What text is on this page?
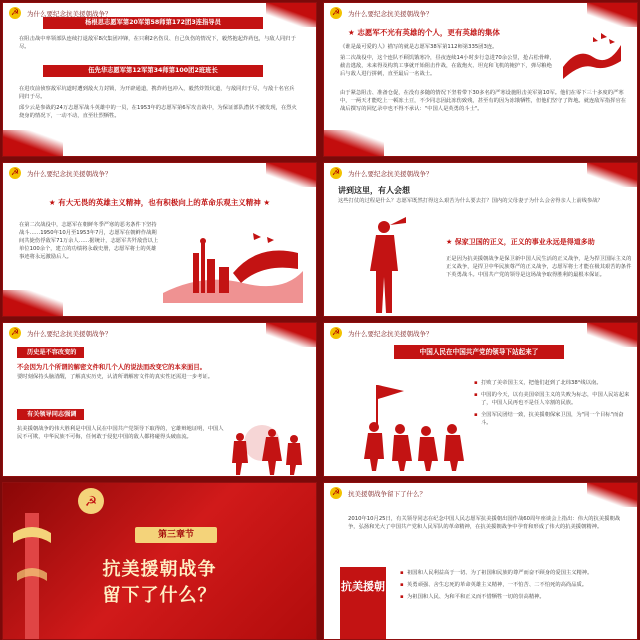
☭	为什么要纪念抗美援朝战争？
杨根思志愿军第20军第58师第172团3连指导员
在阻击战中率领部队连续打退敌军8次集团冲锋，在只剩2名伤员、自己负伤的情况下，毅然抱起炸药包，与敌人同归于尽。
伍先华志愿军第12军第34师第100团2班班长
在进攻前侦察敌军坑道时遭到敌火力封锁，为开辟通道，携炸药包冲入，毅然炸毁坑道，与敌同归于尽，与敌十名官兵同归于尽。
邱少云是参战的24万志愿军战斗英雄中的一员，在1953年的志愿军第6军攻击战中，为保证部队潜伏不被发现，在烈火烧身的情况下，一动不动，直至壮烈牺牲。
☭	为什么要纪念抗美援朝战争？
★ 志愿军不光有英雄的个人，更有英雄的集体
《谁是最可爱的人》描写的就是志愿军38军第112师第335团3连。
第二次战役中，这个连队不顾饥饿寒冷，昼夜连续14小时步行急进70余公里，抢占松骨峰，截击逃敌，未来得及构筑工事就开始阻击作战，在敌炮火、坦克和飞机的掩护下，弹尽粮绝后与敌人进行拼刺，直至最后一名战士。
由于紧急阻击、准备仓促，在没有多随的情况下坚着带下30多名的严寒设施阻击美军第10军。他们在零下三十多度的严寒中，一两天才能吃上一顿冻土豆，不少同志因此冻伤致残，甚至有的因为冻饿牺牲，但他们坚守了阵地。就连敌军指挥官在战后撰写的回忆录中也不得不承认："中国人是英勇的斗士"。
☭	为什么要纪念抗美援朝战争？
★ 有大无畏的英雄主义精神，也有积极向上的革命乐观主义精神 ★
在第二次战役中，志愿军在朝鲜冬季严寒的恶劣条件下坚持战斗……1950年10月至1953年7月，志愿军在朝鲜作战期间共毙伤俘敌军71万余人……据统计，志愿军共歼敌营以上单位100余个，建立的功绩将永载史册，志愿军将士的英雄事迹将永远激励后人。
☭	为什么要纪念抗美援朝战争？
讲到这里，有人会想
这些打仗的过程是什么？志愿军既然打得这么艰苦为什么要去打？国内的父母妻子为什么会舍得亲人上前线参战？
★ 保家卫国的正义，正义的事业永远是得道多助
正是因为抗美援朝战争是保卫新中国人民生活的正义战争，是为捍卫国际主义的正义战争，是捍卫中华民族尊严的正义战争，志愿军将士才能在极其艰苦的条件下英勇战斗。中国共产党的领导是这场战争取得胜利的最根本保证。
☭	为什么要纪念抗美援朝战争？
历史是不容改变的
不会因为几个所谓的解密文件和几个人的说法而改变它的本来面目。
要时刻保持头脑清醒，了解真实历史，认清所谓解密文件的真实性还需进一步考证。
有关领导同志强调
抗美援朝战争的伟大胜利是中国人民在中国共产党领导下取得的，它雄辩地证明，中国人民不可欺，中华民族不可侮，任何敢于侵犯中国的敌人都将碰得头破血流。
☭	为什么要纪念抗美援朝战争？
中国人民在中国共产党的领导下站起来了
▪ 打败了美帝国主义，把他们赶到了北纬38°线以南。
▪ 中国的今天，以有美国帝国主义的失败为标志，中国人民站起来了，中国人民再也不是任人宰割的民族。
▪ 全国军民团结一致，抗美援朝保家卫国，为"同一个目标"而奋斗。
☭
第三章节
抗美援朝战争
留下了什么？
☭	抗美援朝战争留下了什么？
2010年10月25日，有关领导同志在纪念中国人民志愿军抗美援朝出国作战60周年座谈会上指出：伟大的抗美援朝战争，弘扬和光大了中国共产党和人民军队的革命精神，在抗美援朝战争中孕育和形成了伟大的抗美援朝精神。
抗美援朝
▪ 祖国和人民利益高于一切、为了祖国和民族的尊严而奋不顾身的爱国主义精神。
▪ 英勇顽强、舍生忘死的革命英雄主义精神，一不怕苦、二不怕死的高尚品质。
▪ 为祖国和人民、为和平和正义而不惜牺牲一切的崇高精神。
